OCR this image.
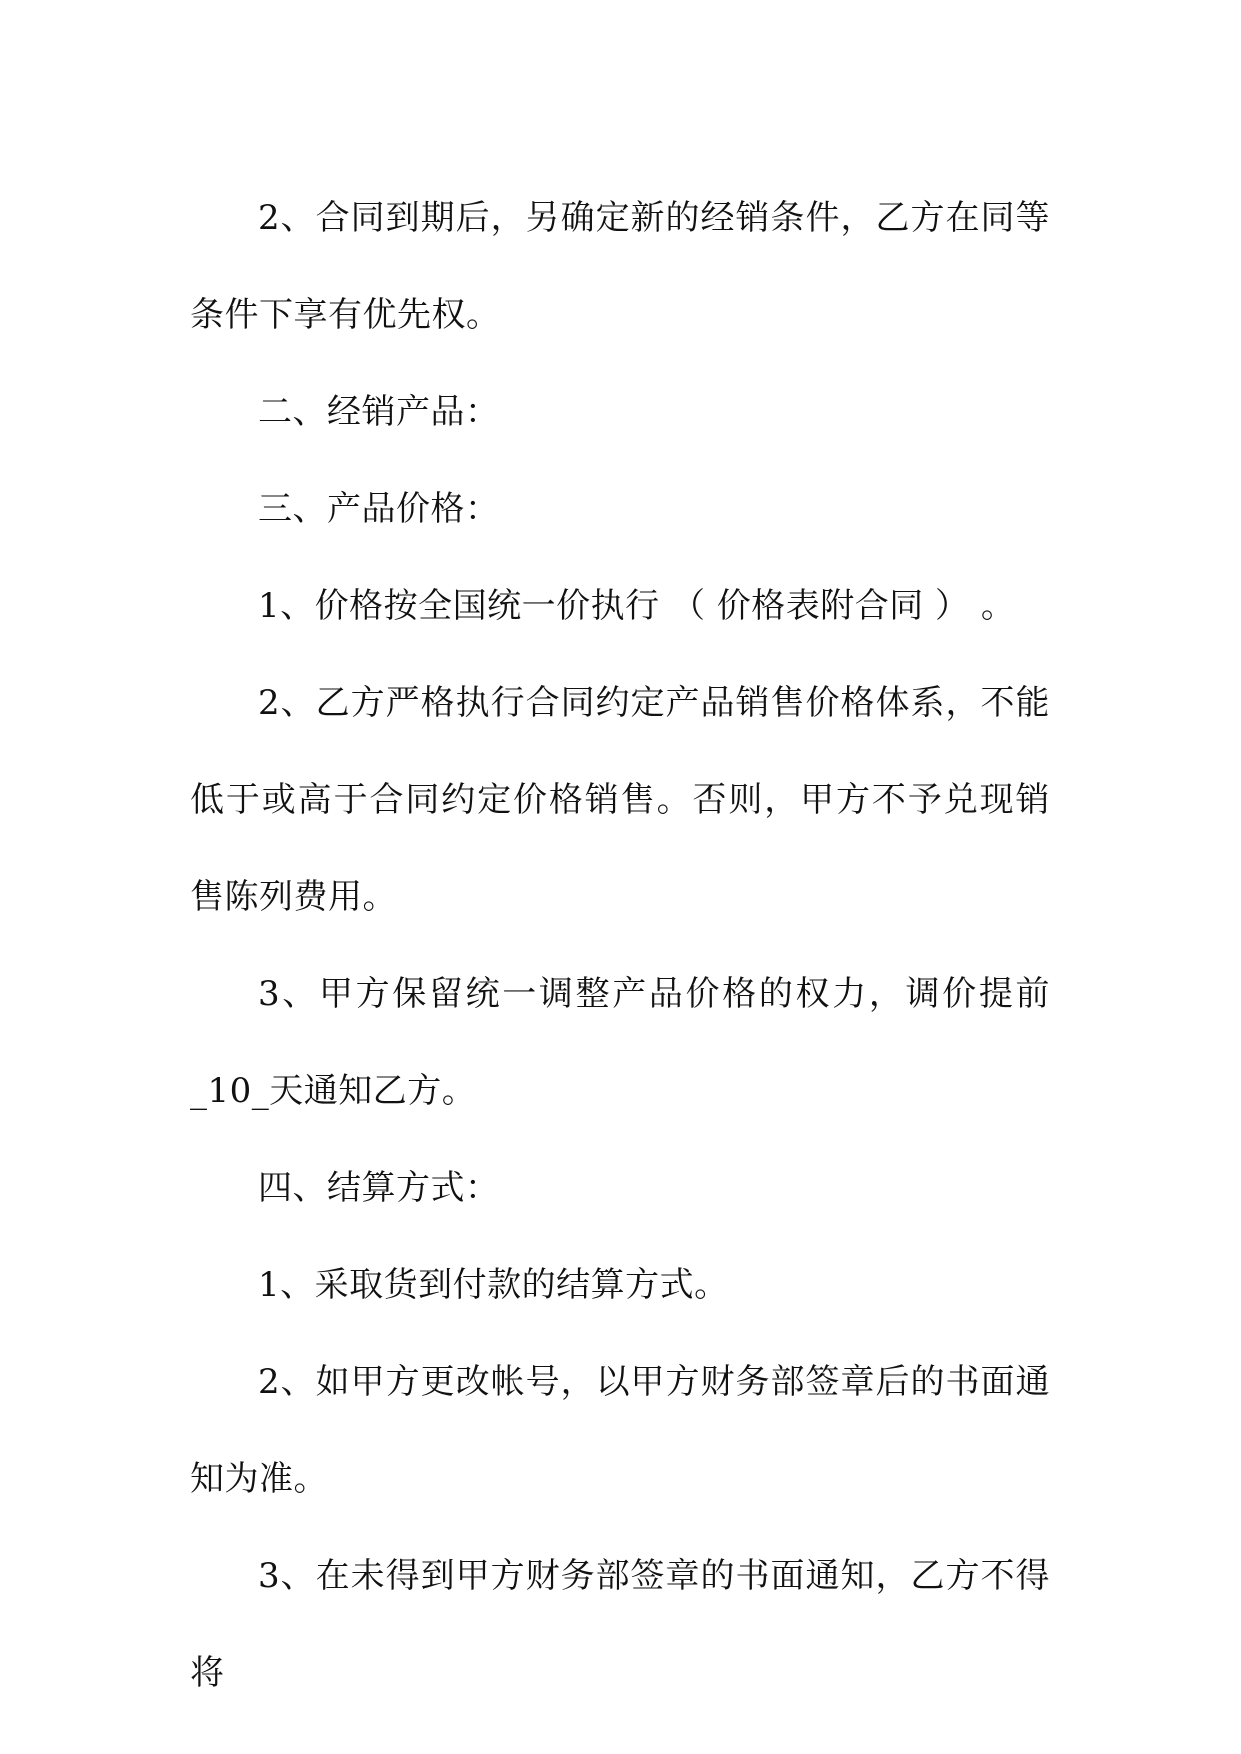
2、合同到期后，另确定新的经销条件，乙方在同等条件下享有优先权。

二、经销产品：

三、产品价格：

1、价格按全国统一价执行 （ 价格表附合同 ） 。

2、乙方严格执行合同约定产品销售价格体系，不能低于或高于合同约定价格销售。否则，甲方不予兑现销售陈列费用。

3、甲方保留统一调整产品价格的权力，调价提前_10_天通知乙方。

四、结算方式：

1、采取货到付款的结算方式。

2、如甲方更改帐号，以甲方财务部签章后的书面通知为准。

3、在未得到甲方财务部签章的书面通知，乙方不得将
